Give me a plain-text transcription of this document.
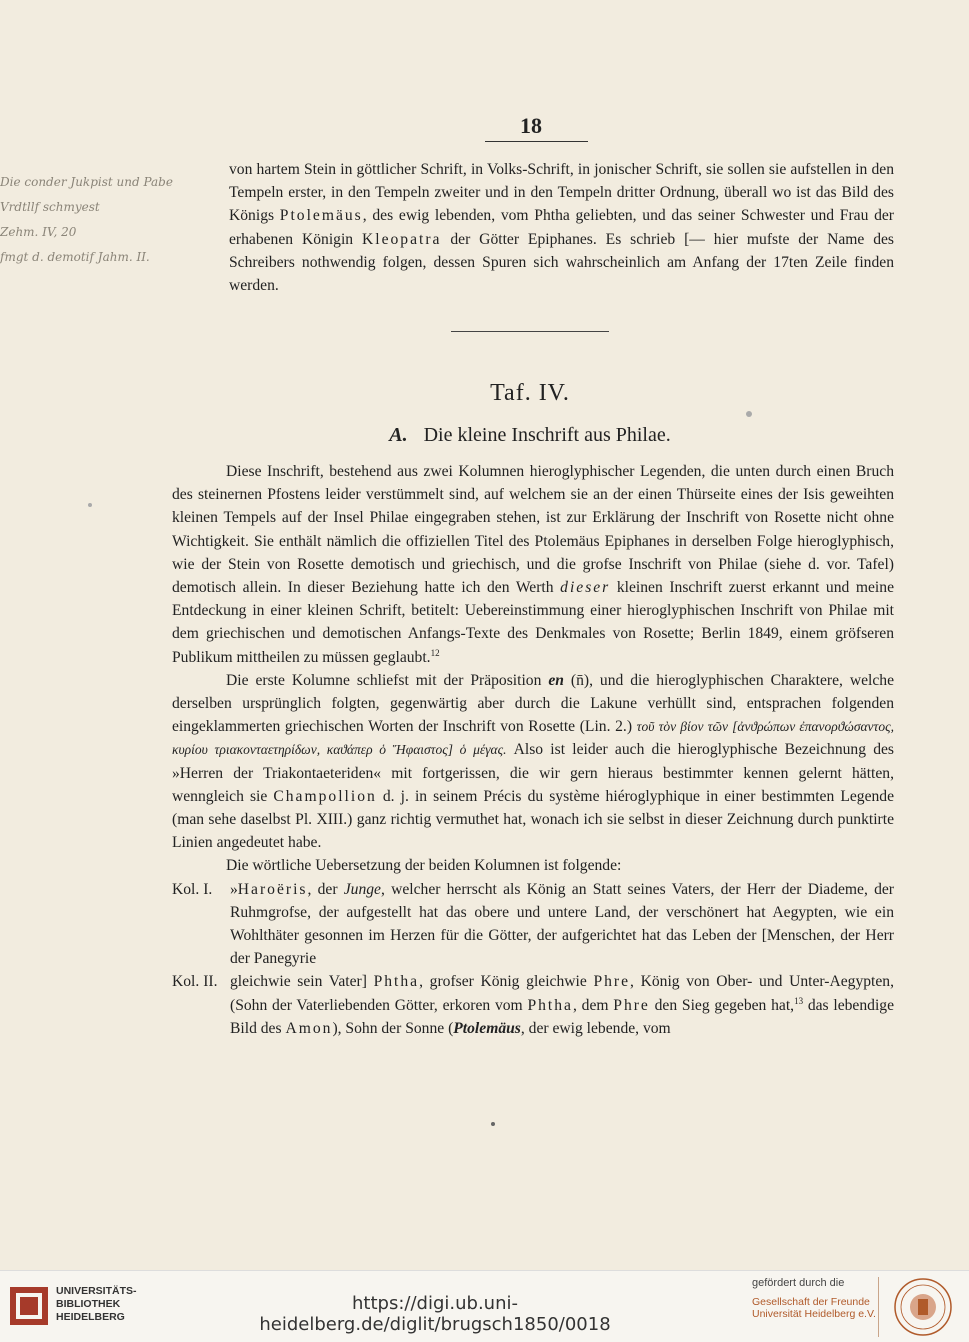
Die conder Jukpist und Pabe
Vrdtllf schmyest
Zehm. IV, 20
fmgt d. demotif Jahm. II.
18

von hartem Stein in göttlicher Schrift, in Volks-Schrift, in jonischer Schrift, sie sollen sie aufstellen in den Tempeln erster, in den Tempeln zweiter und in den Tempeln dritter Ordnung, überall wo ist das Bild des Königs Ptolemäus, des ewig lebenden, vom Phtha geliebten, und das seiner Schwester und Frau der erhabenen Königin Kleopatra der Götter Epiphanes. Es schrieb [— hier mufste der Name des Schreibers nothwendig folgen, dessen Spuren sich wahrscheinlich am Anfang der 17ten Zeile finden werden.

Taf. IV.
A. Die kleine Inschrift aus Philae.

Diese Inschrift, bestehend aus zwei Kolumnen hieroglyphischer Legenden, die unten durch einen Bruch des steinernen Pfostens leider verstümmelt sind, auf welchem sie an der einen Thürseite eines der Isis geweihten kleinen Tempels auf der Insel Philae eingegraben stehen, ist zur Erklärung der Inschrift von Rosette nicht ohne Wichtigkeit. Sie enthält nämlich die offiziellen Titel des Ptolemäus Epiphanes in derselben Folge hieroglyphisch, wie der Stein von Rosette demotisch und griechisch, und die grofse Inschrift von Philae (siehe d. vor. Tafel) demotisch allein. In dieser Beziehung hatte ich den Werth dieser kleinen Inschrift zuerst erkannt und meine Entdeckung in einer kleinen Schrift, betitelt: Uebereinstimmung einer hieroglyphischen Inschrift von Philae mit dem griechischen und demotischen Anfangs-Texte des Denkmales von Rosette; Berlin 1849, einem gröfseren Publikum mittheilen zu müssen geglaubt.$^{12}$

Die erste Kolumne schliefst mit der Präposition en (n̄), und die hieroglyphischen Charaktere, welche derselben ursprünglich folgten, gegenwärtig aber durch die Lakune verhüllt sind, entsprachen folgenden eingeklammerten griechischen Worten der Inschrift von Rosette (Lin. 2.) τοῦ τὸν βίον τῶν [ἀνϑρώπων ἐπανορϑώσαντος, κυρίου τριακονταετηρίδων, καϑάπερ ὁ Ἥφαιστος] ὁ μέγας. Also ist leider auch die hieroglyphische Bezeichnung des »Herren der Triakontaeteriden« mit fortgerissen, die wir gern hieraus bestimmter kennen gelernt hätten, wenngleich sie Champollion d. j. in seinem Précis du système hiéroglyphique in einer bestimmten Legende (man sehe daselbst Pl. XIII.) ganz richtig vermuthet hat, wonach ich sie selbst in dieser Zeichnung durch punktirte Linien angedeutet habe.

Die wörtliche Uebersetzung der beiden Kolumnen ist folgende:

Kol. I.	»Haroëris, der Junge, welcher herrscht als König an Statt seines Vaters, der Herr der Diademe, der Ruhmgrofse, der aufgestellt hat das obere und untere Land, der verschönert hat Aegypten, wie ein Wohlthäter gesonnen im Herzen für die Götter, der aufgerichtet hat das Leben der [Menschen, der Herr der Panegyrie
Kol. II. gleichwie sein Vater] Phtha, grofser König gleichwie Phre, König von Ober- und Unter-Aegypten, (Sohn der Vaterliebenden Götter, erkoren vom Phtha, dem Phre den Sieg gegeben hat,$^{13}$ das lebendige Bild des Amon), Sohn der Sonne (Ptolemäus, der ewig lebende, vom
UNIVERSITÄTS-
BIBLIOTHEK
HEIDELBERG
https://digi.ub.uni-heidelberg.de/diglit/brugsch1850/0018
gefördert durch die
Gesellschaft der Freunde
Universität Heidelberg e.V.
